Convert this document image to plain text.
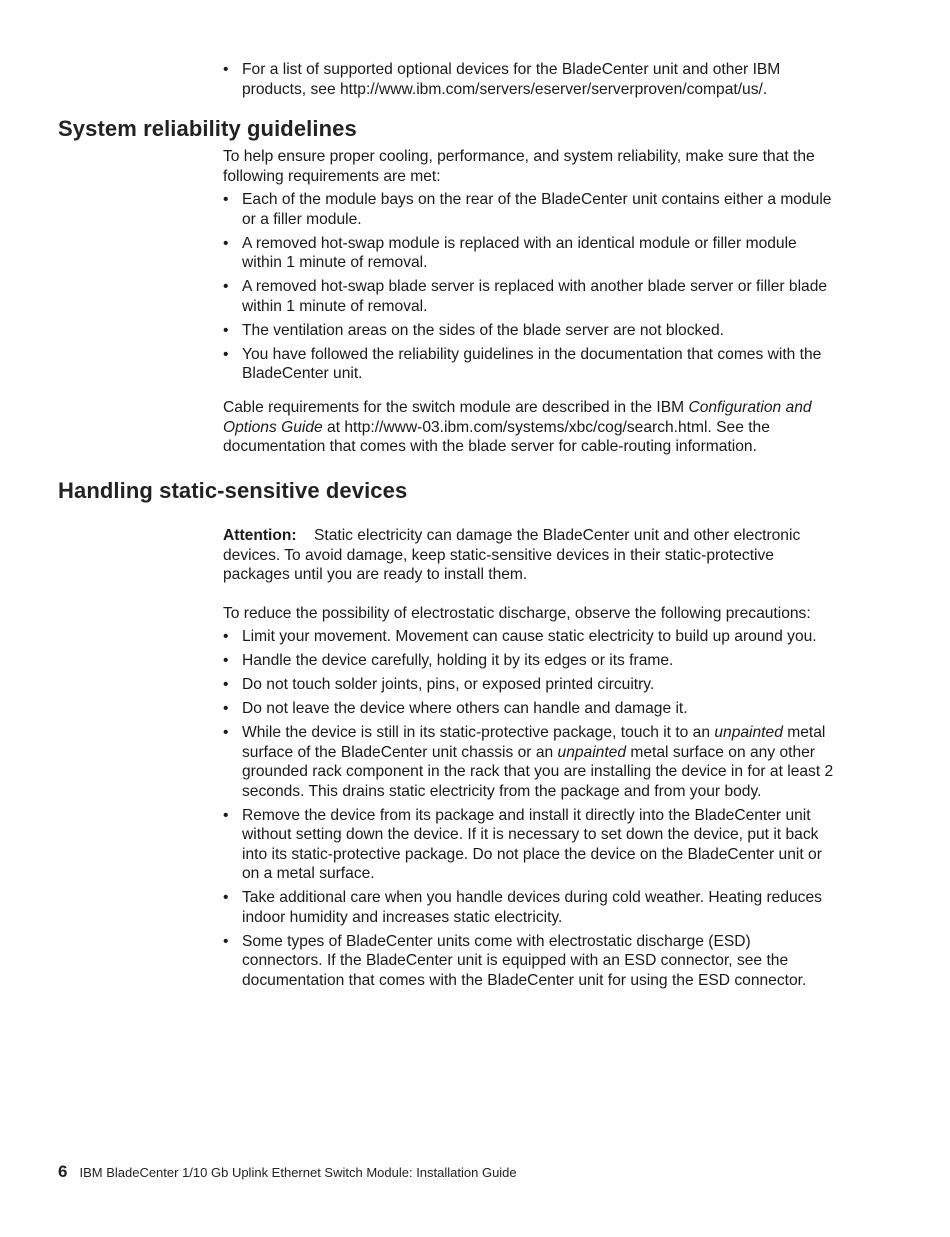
• For a list of supported optional devices for the BladeCenter unit and other IBM products, see http://www.ibm.com/servers/eserver/serverproven/compat/us/.
System reliability guidelines

To help ensure proper cooling, performance, and system reliability, make sure that the following requirements are met:

• Each of the module bays on the rear of the BladeCenter unit contains either a module or a filler module.
• A removed hot-swap module is replaced with an identical module or filler module within 1 minute of removal.
• A removed hot-swap blade server is replaced with another blade server or filler blade within 1 minute of removal.
• The ventilation areas on the sides of the blade server are not blocked.
• You have followed the reliability guidelines in the documentation that comes with the BladeCenter unit.

Cable requirements for the switch module are described in the IBM Configuration and Options Guide at http://www-03.ibm.com/systems/xbc/cog/search.html. See the documentation that comes with the blade server for cable-routing information.

Handling static-sensitive devices

Attention: Static electricity can damage the BladeCenter unit and other electronic devices. To avoid damage, keep static-sensitive devices in their static-protective packages until you are ready to install them.

To reduce the possibility of electrostatic discharge, observe the following precautions:

• Limit your movement. Movement can cause static electricity to build up around you.
• Handle the device carefully, holding it by its edges or its frame.
• Do not touch solder joints, pins, or exposed printed circuitry.
• Do not leave the device where others can handle and damage it.
• While the device is still in its static-protective package, touch it to an unpainted metal surface of the BladeCenter unit chassis or an unpainted metal surface on any other grounded rack component in the rack that you are installing the device in for at least 2 seconds. This drains static electricity from the package and from your body.
• Remove the device from its package and install it directly into the BladeCenter unit without setting down the device. If it is necessary to set down the device, put it back into its static-protective package. Do not place the device on the BladeCenter unit or on a metal surface.
• Take additional care when you handle devices during cold weather. Heating reduces indoor humidity and increases static electricity.
• Some types of BladeCenter units come with electrostatic discharge (ESD) connectors. If the BladeCenter unit is equipped with an ESD connector, see the documentation that comes with the BladeCenter unit for using the ESD connector.
6 IBM BladeCenter 1/10 Gb Uplink Ethernet Switch Module: Installation Guide
